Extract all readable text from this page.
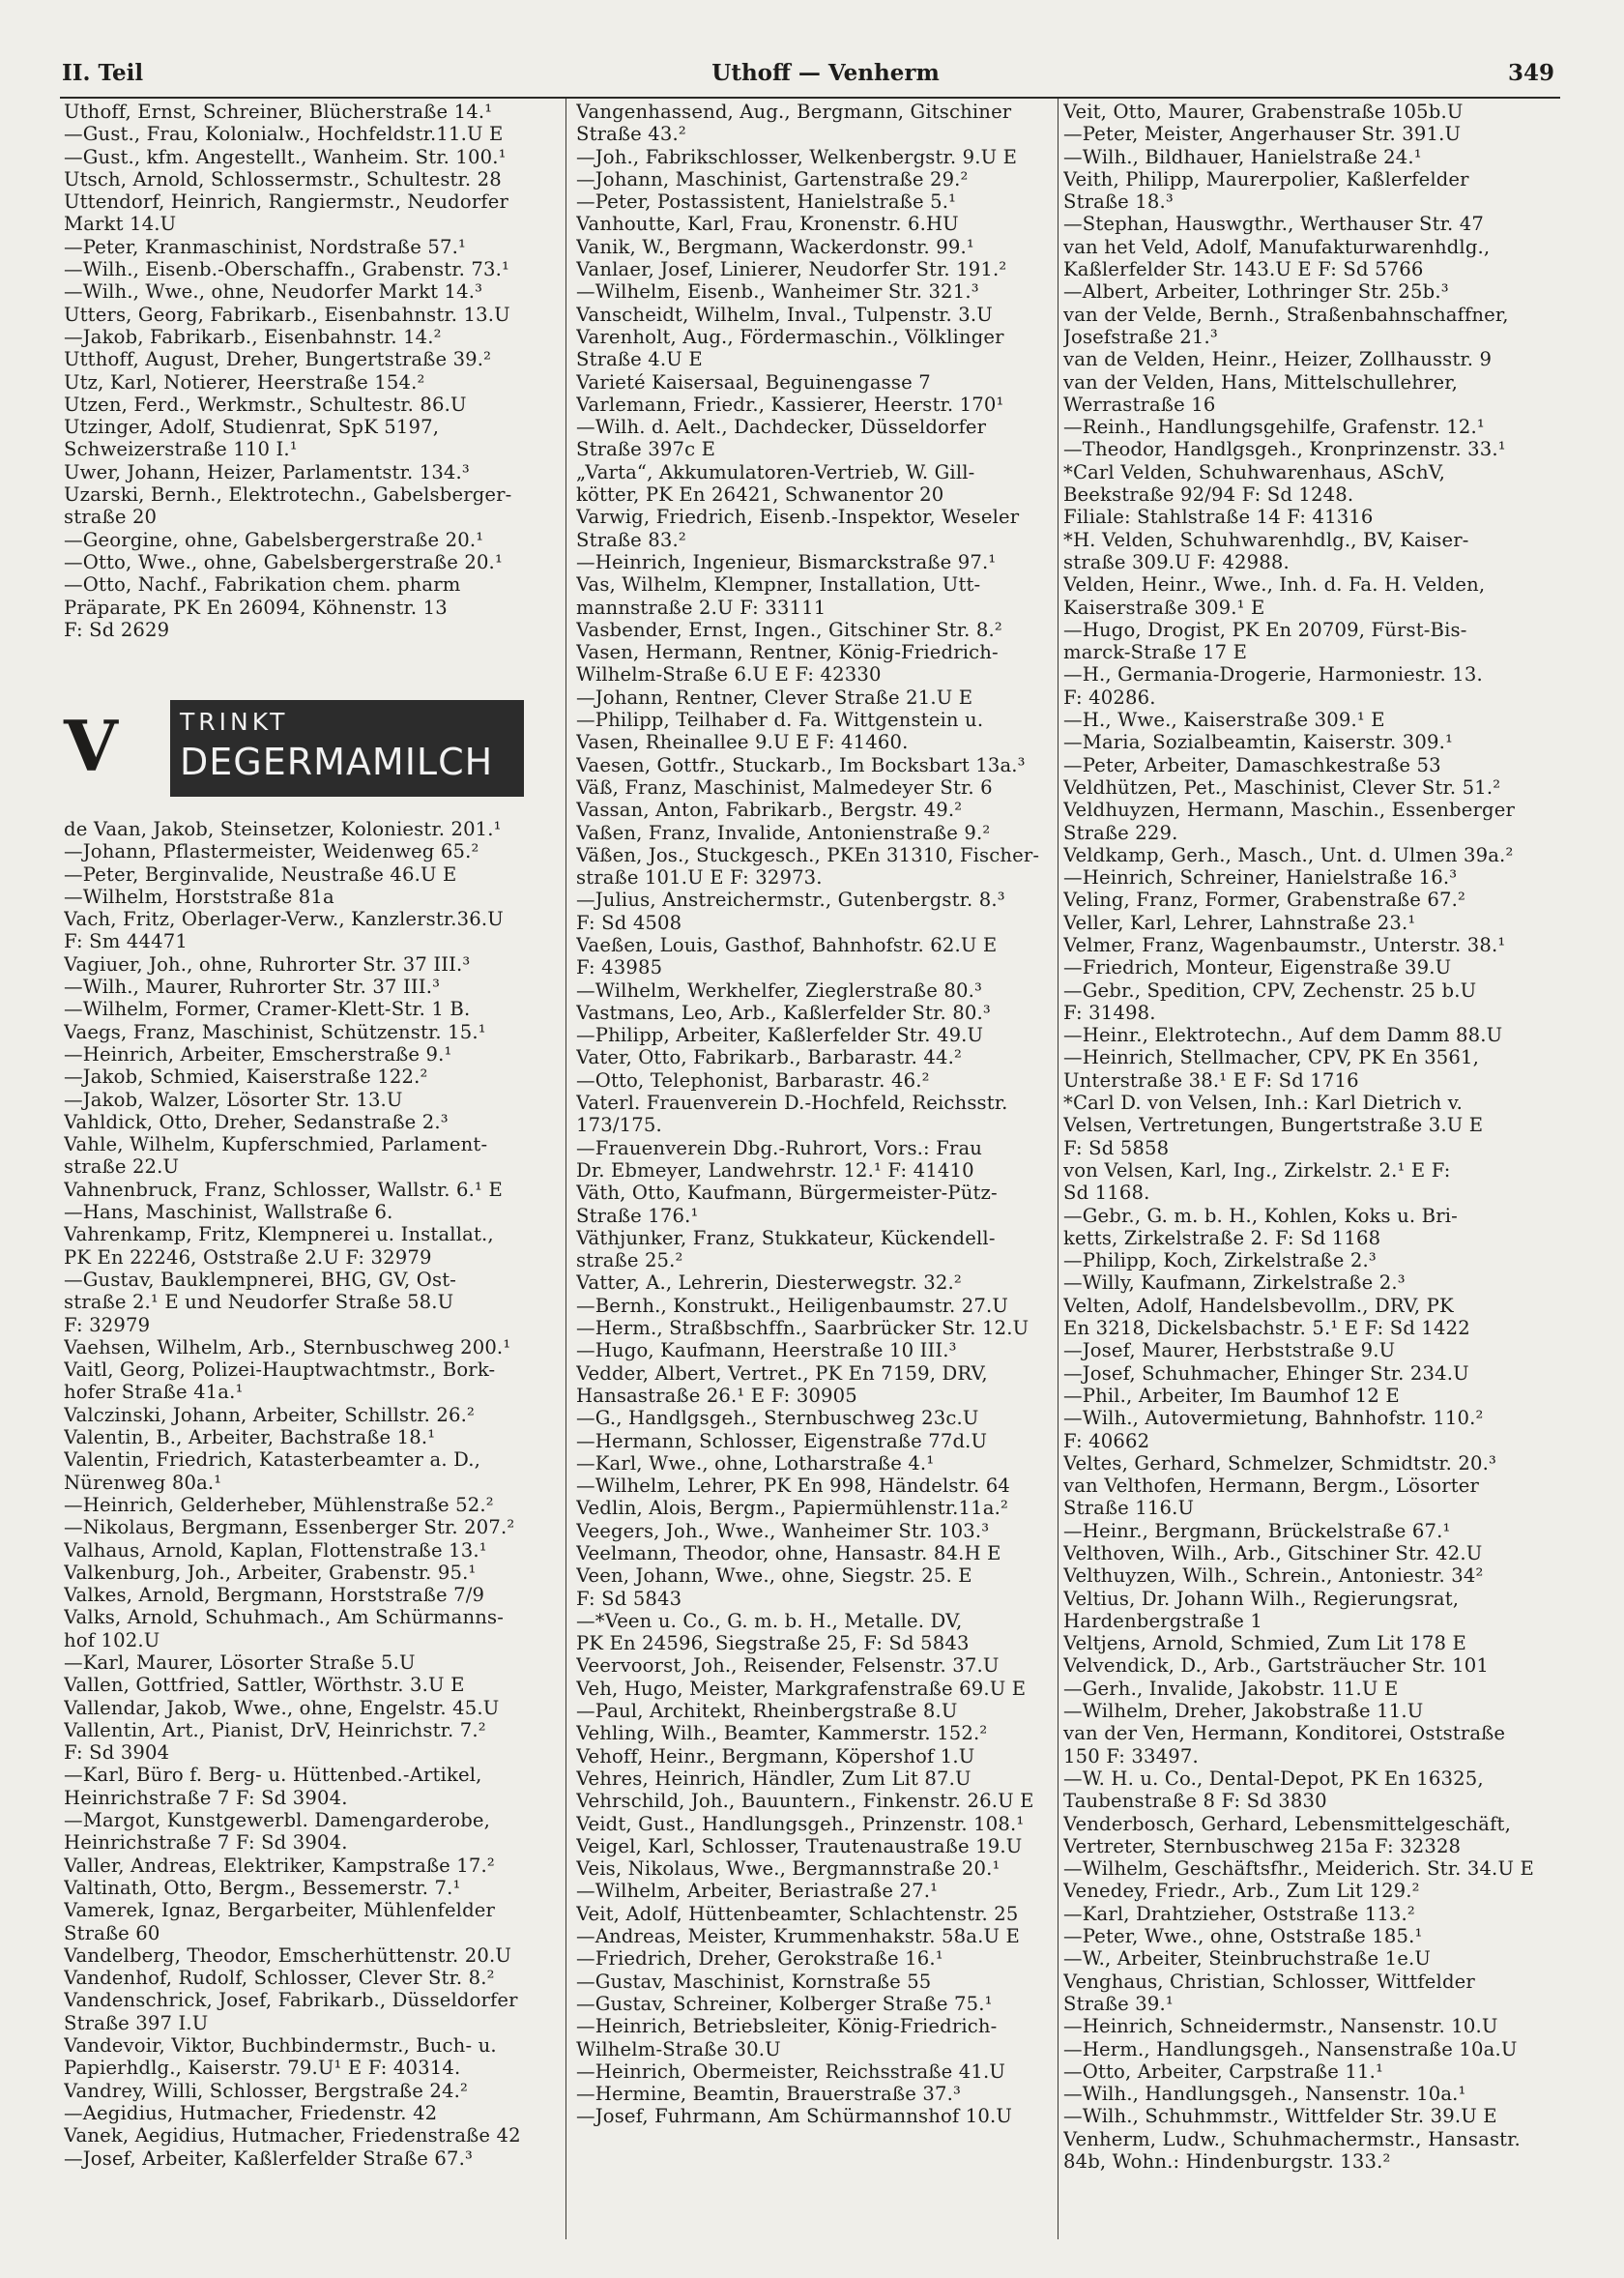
II. Teil	Uthoff — Venherm	349
Uthoff, Ernst, Schreiner, Blücherstraße 14.¹
—Gust., Frau, Kolonialw., Hochfeldstr.11.U E
—Gust., kfm. Angestellt., Wanheim. Str. 100.¹
Utsch, Arnold, Schlossermstr., Schultestr. 28
Uttendorf, Heinrich, Rangiermstr., Neudorfer
Markt 14.U
—Peter, Kranmaschinist, Nordstraße 57.¹
—Wilh., Eisenb.-Oberschaffn., Grabenstr. 73.¹
—Wilh., Wwe., ohne, Neudorfer Markt 14.³
Utters, Georg, Fabrikarb., Eisenbahnstr. 13.U
—Jakob, Fabrikarb., Eisenbahnstr. 14.²
Utthoff, August, Dreher, Bungertstraße 39.²
Utz, Karl, Notierer, Heerstraße 154.²
Utzen, Ferd., Werkmstr., Schultestr. 86.U
Utzinger, Adolf, Studienrat, SpK 5197,
Schweizerstraße 110 I.¹
Uwer, Johann, Heizer, Parlamentstr. 134.³
Uzarski, Bernh., Elektrotechn., Gabelsberger-
straße 20
—Georgine, ohne, Gabelsbergerstraße 20.¹
—Otto, Wwe., ohne, Gabelsbergerstraße 20.¹
—Otto, Nachf., Fabrikation chem. pharm
Präparate, PK En 26094, Köhnenstr. 13
F: Sd 2629
V	TRINKT
DEGERMAMILCH
de Vaan, Jakob, Steinsetzer, Koloniestr. 201.¹
—Johann, Pflastermeister, Weidenweg 65.²
—Peter, Berginvalide, Neustraße 46.U E
—Wilhelm, Horststraße 81a
Vach, Fritz, Oberlager-Verw., Kanzlerstr.36.U
F: Sm 44471
Vagiuer, Joh., ohne, Ruhrorter Str. 37 III.³
—Wilh., Maurer, Ruhrorter Str. 37 III.³
—Wilhelm, Former, Cramer-Klett-Str. 1 B.
Vaegs, Franz, Maschinist, Schützenstr. 15.¹
—Heinrich, Arbeiter, Emscherstraße 9.¹
—Jakob, Schmied, Kaiserstraße 122.²
—Jakob, Walzer, Lösorter Str. 13.U
Vahldick, Otto, Dreher, Sedanstraße 2.³
Vahle, Wilhelm, Kupferschmied, Parlament-
straße 22.U
Vahnenbruck, Franz, Schlosser, Wallstr. 6.¹ E
—Hans, Maschinist, Wallstraße 6.
Vahrenkamp, Fritz, Klempnerei u. Installat.,
PK En 22246, Oststraße 2.U F: 32979
—Gustav, Bauklempnerei, BHG, GV, Ost-
straße 2.¹ E und Neudorfer Straße 58.U
F: 32979
Vaehsen, Wilhelm, Arb., Sternbuschweg 200.¹
Vaitl, Georg, Polizei-Hauptwachtmstr., Bork-
hofer Straße 41a.¹
Valczinski, Johann, Arbeiter, Schillstr. 26.²
Valentin, B., Arbeiter, Bachstraße 18.¹
Valentin, Friedrich, Katasterbeamter a. D.,
Nürenweg 80a.¹
—Heinrich, Gelderheber, Mühlenstraße 52.²
—Nikolaus, Bergmann, Essenberger Str. 207.²
Valhaus, Arnold, Kaplan, Flottenstraße 13.¹
Valkenburg, Joh., Arbeiter, Grabenstr. 95.¹
Valkes, Arnold, Bergmann, Horststraße 7/9
Valks, Arnold, Schuhmach., Am Schürmanns-
hof 102.U
—Karl, Maurer, Lösorter Straße 5.U
Vallen, Gottfried, Sattler, Wörthstr. 3.U E
Vallendar, Jakob, Wwe., ohne, Engelstr. 45.U
Vallentin, Art., Pianist, DrV, Heinrichstr. 7.²
F: Sd 3904
—Karl, Büro f. Berg- u. Hüttenbed.-Artikel,
Heinrichstraße 7 F: Sd 3904.
—Margot, Kunstgewerbl. Damengarderobe,
Heinrichstraße 7 F: Sd 3904.
Valler, Andreas, Elektriker, Kampstraße 17.²
Valtinath, Otto, Bergm., Bessemerstr. 7.¹
Vamerek, Ignaz, Bergarbeiter, Mühlenfelder
Straße 60
Vandelberg, Theodor, Emscherhüttenstr. 20.U
Vandenhof, Rudolf, Schlosser, Clever Str. 8.²
Vandenschrick, Josef, Fabrikarb., Düsseldorfer
Straße 397 I.U
Vandevoir, Viktor, Buchbindermstr., Buch- u.
Papierhdlg., Kaiserstr. 79.U¹ E F: 40314.
Vandrey, Willi, Schlosser, Bergstraße 24.²
—Aegidius, Hutmacher, Friedenstr. 42
Vanek, Aegidius, Hutmacher, Friedenstraße 42
—Josef, Arbeiter, Kaßlerfelder Straße 67.³
Vangenhassend, Aug., Bergmann, Gitschiner
Straße 43.²
—Joh., Fabrikschlosser, Welkenbergstr. 9.U E
—Johann, Maschinist, Gartenstraße 29.²
—Peter, Postassistent, Hanielstraße 5.¹
Vanhoutte, Karl, Frau, Kronenstr. 6.HU
Vanik, W., Bergmann, Wackerdonstr. 99.¹
Vanlaer, Josef, Linierer, Neudorfer Str. 191.²
—Wilhelm, Eisenb., Wanheimer Str. 321.³
Vanscheidt, Wilhelm, Inval., Tulpenstr. 3.U
Varenholt, Aug., Fördermaschin., Völklinger
Straße 4.U E
Varieté Kaisersaal, Beguinengasse 7
Varlemann, Friedr., Kassierer, Heerstr. 170¹
—Wilh. d. Aelt., Dachdecker, Düsseldorfer
Straße 397c E
„Varta“, Akkumulatoren-Vertrieb, W. Gill-
kötter, PK En 26421, Schwanentor 20
Varwig, Friedrich, Eisenb.-Inspektor, Weseler
Straße 83.²
—Heinrich, Ingenieur, Bismarckstraße 97.¹
Vas, Wilhelm, Klempner, Installation, Utt-
mannstraße 2.U F: 33111
Vasbender, Ernst, Ingen., Gitschiner Str. 8.²
Vasen, Hermann, Rentner, König-Friedrich-
Wilhelm-Straße 6.U E F: 42330
—Johann, Rentner, Clever Straße 21.U E
—Philipp, Teilhaber d. Fa. Wittgenstein u.
Vasen, Rheinallee 9.U E F: 41460.
Vaesen, Gottfr., Stuckarb., Im Bocksbart 13a.³
Väß, Franz, Maschinist, Malmedeyer Str. 6
Vassan, Anton, Fabrikarb., Bergstr. 49.²
Vaßen, Franz, Invalide, Antonienstraße 9.²
Väßen, Jos., Stuckgesch., PKEn 31310, Fischer-
straße 101.U E F: 32973.
—Julius, Anstreichermstr., Gutenbergstr. 8.³
F: Sd 4508
Vaeßen, Louis, Gasthof, Bahnhofstr. 62.U E
F: 43985
—Wilhelm, Werkhelfer, Zieglerstraße 80.³
Vastmans, Leo, Arb., Kaßlerfelder Str. 80.³
—Philipp, Arbeiter, Kaßlerfelder Str. 49.U
Vater, Otto, Fabrikarb., Barbarastr. 44.²
—Otto, Telephonist, Barbarastr. 46.²
Vaterl. Frauenverein D.-Hochfeld, Reichsstr.
173/175.
—Frauenverein Dbg.-Ruhrort, Vors.: Frau
Dr. Ebmeyer, Landwehrstr. 12.¹ F: 41410
Väth, Otto, Kaufmann, Bürgermeister-Pütz-
Straße 176.¹
Väthjunker, Franz, Stukkateur, Kückendell-
straße 25.²
Vatter, A., Lehrerin, Diesterwegstr. 32.²
—Bernh., Konstrukt., Heiligenbaumstr. 27.U
—Herm., Straßbschffn., Saarbrücker Str. 12.U
—Hugo, Kaufmann, Heerstraße 10 III.³
Vedder, Albert, Vertret., PK En 7159, DRV,
Hansastraße 26.¹ E F: 30905
—G., Handlgsgeh., Sternbuschweg 23c.U
—Hermann, Schlosser, Eigenstraße 77d.U
—Karl, Wwe., ohne, Lotharstraße 4.¹
—Wilhelm, Lehrer, PK En 998, Händelstr. 64
Vedlin, Alois, Bergm., Papiermühlenstr.11a.²
Veegers, Joh., Wwe., Wanheimer Str. 103.³
Veelmann, Theodor, ohne, Hansastr. 84.H E
Veen, Johann, Wwe., ohne, Siegstr. 25. E
F: Sd 5843
—*Veen u. Co., G. m. b. H., Metalle. DV,
PK En 24596, Siegstraße 25, F: Sd 5843
Veervoorst, Joh., Reisender, Felsenstr. 37.U
Veh, Hugo, Meister, Markgrafenstraße 69.U E
—Paul, Architekt, Rheinbergstraße 8.U
Vehling, Wilh., Beamter, Kammerstr. 152.²
Vehoff, Heinr., Bergmann, Köpershof 1.U
Vehres, Heinrich, Händler, Zum Lit 87.U
Vehrschild, Joh., Bauuntern., Finkenstr. 26.U E
Veidt, Gust., Handlungsgeh., Prinzenstr. 108.¹
Veigel, Karl, Schlosser, Trautenaustraße 19.U
Veis, Nikolaus, Wwe., Bergmannstraße 20.¹
—Wilhelm, Arbeiter, Beriastraße 27.¹
Veit, Adolf, Hüttenbeamter, Schlachtenstr. 25
—Andreas, Meister, Krummenhakstr. 58a.U E
—Friedrich, Dreher, Gerokstraße 16.¹
—Gustav, Maschinist, Kornstraße 55
—Gustav, Schreiner, Kolberger Straße 75.¹
—Heinrich, Betriebsleiter, König-Friedrich-
Wilhelm-Straße 30.U
—Heinrich, Obermeister, Reichsstraße 41.U
—Hermine, Beamtin, Brauerstraße 37.³
—Josef, Fuhrmann, Am Schürmannshof 10.U
Veit, Otto, Maurer, Grabenstraße 105b.U
—Peter, Meister, Angerhauser Str. 391.U
—Wilh., Bildhauer, Hanielstraße 24.¹
Veith, Philipp, Maurerpolier, Kaßlerfelder
Straße 18.³
—Stephan, Hauswgthr., Werthauser Str. 47
van het Veld, Adolf, Manufakturwarenhdlg.,
Kaßlerfelder Str. 143.U E F: Sd 5766
—Albert, Arbeiter, Lothringer Str. 25b.³
van der Velde, Bernh., Straßenbahnschaffner,
Josefstraße 21.³
van de Velden, Heinr., Heizer, Zollhausstr. 9
van der Velden, Hans, Mittelschullehrer,
Werrastraße 16
—Reinh., Handlungsgehilfe, Grafenstr. 12.¹
—Theodor, Handlgsgeh., Kronprinzenstr. 33.¹
*Carl Velden, Schuhwarenhaus, ASchV,
Beekstraße 92/94 F: Sd 1248.
Filiale: Stahlstraße 14 F: 41316
*H. Velden, Schuhwarenhdlg., BV, Kaiser-
straße 309.U F: 42988.
Velden, Heinr., Wwe., Inh. d. Fa. H. Velden,
Kaiserstraße 309.¹ E
—Hugo, Drogist, PK En 20709, Fürst-Bis-
marck-Straße 17 E
—H., Germania-Drogerie, Harmoniestr. 13.
F: 40286.
—H., Wwe., Kaiserstraße 309.¹ E
—Maria, Sozialbeamtin, Kaiserstr. 309.¹
—Peter, Arbeiter, Damaschkestraße 53
Veldhützen, Pet., Maschinist, Clever Str. 51.²
Veldhuyzen, Hermann, Maschin., Essenberger
Straße 229.
Veldkamp, Gerh., Masch., Unt. d. Ulmen 39a.²
—Heinrich, Schreiner, Hanielstraße 16.³
Veling, Franz, Former, Grabenstraße 67.²
Veller, Karl, Lehrer, Lahnstraße 23.¹
Velmer, Franz, Wagenbaumstr., Unterstr. 38.¹
—Friedrich, Monteur, Eigenstraße 39.U
—Gebr., Spedition, CPV, Zechenstr. 25 b.U
F: 31498.
—Heinr., Elektrotechn., Auf dem Damm 88.U
—Heinrich, Stellmacher, CPV, PK En 3561,
Unterstraße 38.¹ E F: Sd 1716
*Carl D. von Velsen, Inh.: Karl Dietrich v.
Velsen, Vertretungen, Bungertstraße 3.U E
F: Sd 5858
von Velsen, Karl, Ing., Zirkelstr. 2.¹ E F:
Sd 1168.
—Gebr., G. m. b. H., Kohlen, Koks u. Bri-
ketts, Zirkelstraße 2. F: Sd 1168
—Philipp, Koch, Zirkelstraße 2.³
—Willy, Kaufmann, Zirkelstraße 2.³
Velten, Adolf, Handelsbevollm., DRV, PK
En 3218, Dickelsbachstr. 5.¹ E F: Sd 1422
—Josef, Maurer, Herbststraße 9.U
—Josef, Schuhmacher, Ehinger Str. 234.U
—Phil., Arbeiter, Im Baumhof 12 E
—Wilh., Autovermietung, Bahnhofstr. 110.²
F: 40662
Veltes, Gerhard, Schmelzer, Schmidtstr. 20.³
van Velthofen, Hermann, Bergm., Lösorter
Straße 116.U
—Heinr., Bergmann, Brückelstraße 67.¹
Velthoven, Wilh., Arb., Gitschiner Str. 42.U
Velthuyzen, Wilh., Schrein., Antoniestr. 34²
Veltius, Dr. Johann Wilh., Regierungsrat,
Hardenbergstraße 1
Veltjens, Arnold, Schmied, Zum Lit 178 E
Velvendick, D., Arb., Gartsträucher Str. 101
—Gerh., Invalide, Jakobstr. 11.U E
—Wilhelm, Dreher, Jakobstraße 11.U
van der Ven, Hermann, Konditorei, Oststraße
150 F: 33497.
—W. H. u. Co., Dental-Depot, PK En 16325,
Taubenstraße 8 F: Sd 3830
Venderbosch, Gerhard, Lebensmittelgeschäft,
Vertreter, Sternbuschweg 215a F: 32328
—Wilhelm, Geschäftsfhr., Meiderich. Str. 34.U E
Venedey, Friedr., Arb., Zum Lit 129.²
—Karl, Drahtzieher, Oststraße 113.²
—Peter, Wwe., ohne, Oststraße 185.¹
—W., Arbeiter, Steinbruchstraße 1e.U
Venghaus, Christian, Schlosser, Wittfelder
Straße 39.¹
—Heinrich, Schneidermstr., Nansenstr. 10.U
—Herm., Handlungsgeh., Nansenstraße 10a.U
—Otto, Arbeiter, Carpstraße 11.¹
—Wilh., Handlungsgeh., Nansenstr. 10a.¹
—Wilh., Schuhmmstr., Wittfelder Str. 39.U E
Venherm, Ludw., Schuhmachermstr., Hansastr.
84b, Wohn.: Hindenburgstr. 133.²
